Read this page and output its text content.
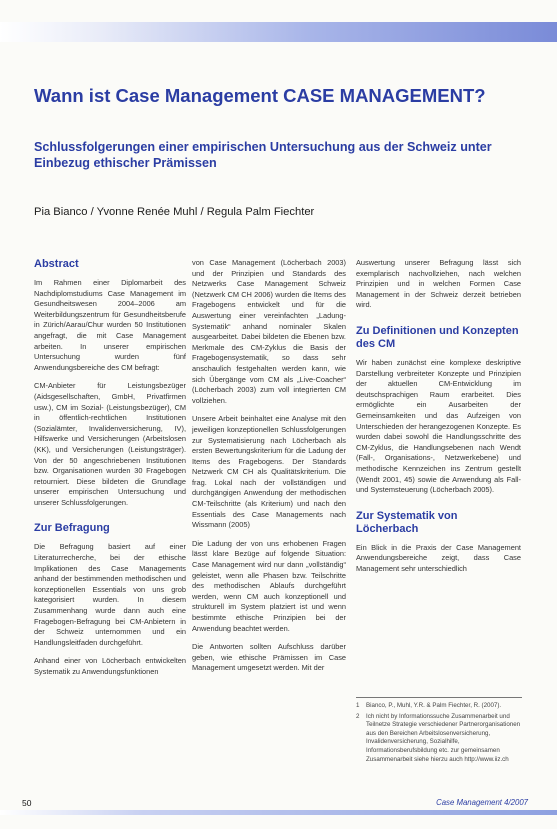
Wann ist Case Management CASE MANAGEMENT?
Schlussfolgerungen einer empirischen Untersuchung aus der Schweiz unter Einbezug ethischer Prämissen
Pia Bianco / Yvonne Renée Muhl / Regula Palm Fiechter
Abstract
Im Rahmen einer Diplomarbeit des Nachdiplomstudiums Case Management im Gesundheitswesen 2004–2006 am Weiterbildungszentrum für Gesundheitsberufe in Zürich/Aarau/Chur wurden 50 Institutionen angefragt, die mit Case Management arbeiten. In unserer empirischen Untersuchung wurden fünf Anwendungsbereiche des CM befragt:
CM-Anbieter für Leistungsbezüger (Aidsgesellschaften, GmbH, Privatfirmen usw.), CM im Sozial- (Leistungsbezüger), CM in öffentlich-rechtlichen Institutionen (Sozialämter, Invalidenversicherung, IV), Hilfswerke und Versicherungen (Arbeitslosen (KK), und Versicherungen (Leistungsträger). Von der 50 angeschriebenen Institutionen bzw. Organisationen wurden 30 Fragebogen retourniert. Diese bildeten die Grundlage unserer empirischen Untersuchung und unserer Schlussfolgerungen.
Zur Befragung
Die Befragung basiert auf einer Literaturrecherche, bei der ethische Implikationen des Case Managements anhand der bestimmenden methodischen und konzeptionellen Essentials von uns grob kategorisiert wurden. In diesem Zusammenhang wurde dann auch eine Fragebogen-Befragung bei CM-Anbietern in der Schweiz unternommen und ein Handlungsleitfaden durchgeführt.
Anhand einer von Löcherbach entwickelten Systematik zu Anwendungsfunktionen
von Case Management (Löcherbach 2003) und der Prinzipien und Standards des Netzwerks Case Management Schweiz (Netzwerk CM CH 2006) wurden die Items des Fragebogens entwickelt und für die Auswertung einer vereinfachten „Ladung-Systematik“ anhand nominaler Skalen ausgearbeitet. Dabei bildeten die Ebenen bzw. Merkmale des CM-Zyklus die Basis der Fragebogensystematik, so dass sehr anschaulich festgehalten werden kann, wie sich Übergänge vom CM als „Live-Coacher“ (Löcherbach 2003) zum voll integrierten CM vollziehen.
Unsere Arbeit beinhaltet eine Analyse mit den jeweiligen konzeptionellen Schlussfolgerungen zur Systematisierung nach Löcherbach als ersten Bewertungskriterium für die Ladung der Items des Fragebogens. Der Standards Netzwerk CM CH als Qualitätskriterium. Die frag. Lokal nach der vollständigen und durchgängigen Anwendung der methodischen CM-Teilschritte (als Kriterium) und nach den Essentials des Case Managements nach Wissmann (2005)
Die Ladung der von uns erhobenen Fragen lässt klare Bezüge auf folgende Situation: Case Management wird nur dann „vollständig“ geleistet, wenn alle Phasen bzw. Teilschritte des methodischen Ablaufs durchgeführt werden, wenn CM auch konzeptionell und strukturell im System platziert ist und wenn bestimmte ethische Prinzipien bei der Anwendung beachtet werden.
Die Antworten sollten Aufschluss darüber geben, wie ethische Prämissen im Case Management umgesetzt werden. Mit der
Auswertung unserer Befragung lässt sich exemplarisch nachvollziehen, nach welchen Prinzipien und in welchen Formen Case Management in der Schweiz derzeit betrieben wird.
Zu Definitionen und Konzepten des CM
Wir haben zunächst eine komplexe deskriptive Darstellung verbreiteter Konzepte und Prinzipien der aktuellen CM-Entwicklung im deutschsprachigen Raum erarbeitet. Dies ermöglichte ein Ausarbeiten der Gemeinsamkeiten und das Aufzeigen von Unterschieden der herangezogenen Konzepte. Es wurden dabei sowohl die Handlungsschritte des CM-Zyklus, die Handlungsebenen nach Wendt (Fall-, Organisations-, Netzwerkebene) und methodische Kennzeichen ins Zentrum gestellt (Wendt 2001, 45) sowie die Anwendung als Fall- und Systemsteuerung (Löcherbach 2005).
Zur Systematik von Löcherbach
Ein Blick in die Praxis der Case Management Anwendungsbereiche zeigt, dass Case Management sehr unterschiedlich
1	Bianco, P., Muhl, Y.R. & Palm Fiechter, R. (2007).
2	Ich nicht by Informationssuche Zusammenarbeit und Teilnetze Strategie verschiedener Partnerorganisationen aus den Bereichen Arbeitslosenversicherung, Invalidenversicherung, Sozialhilfe, Informationsberufsbildung etc. zur gemeinsamen Zusammenarbeit siehe hierzu auch http://www.iiz.ch
50	Case Management 4/2007
